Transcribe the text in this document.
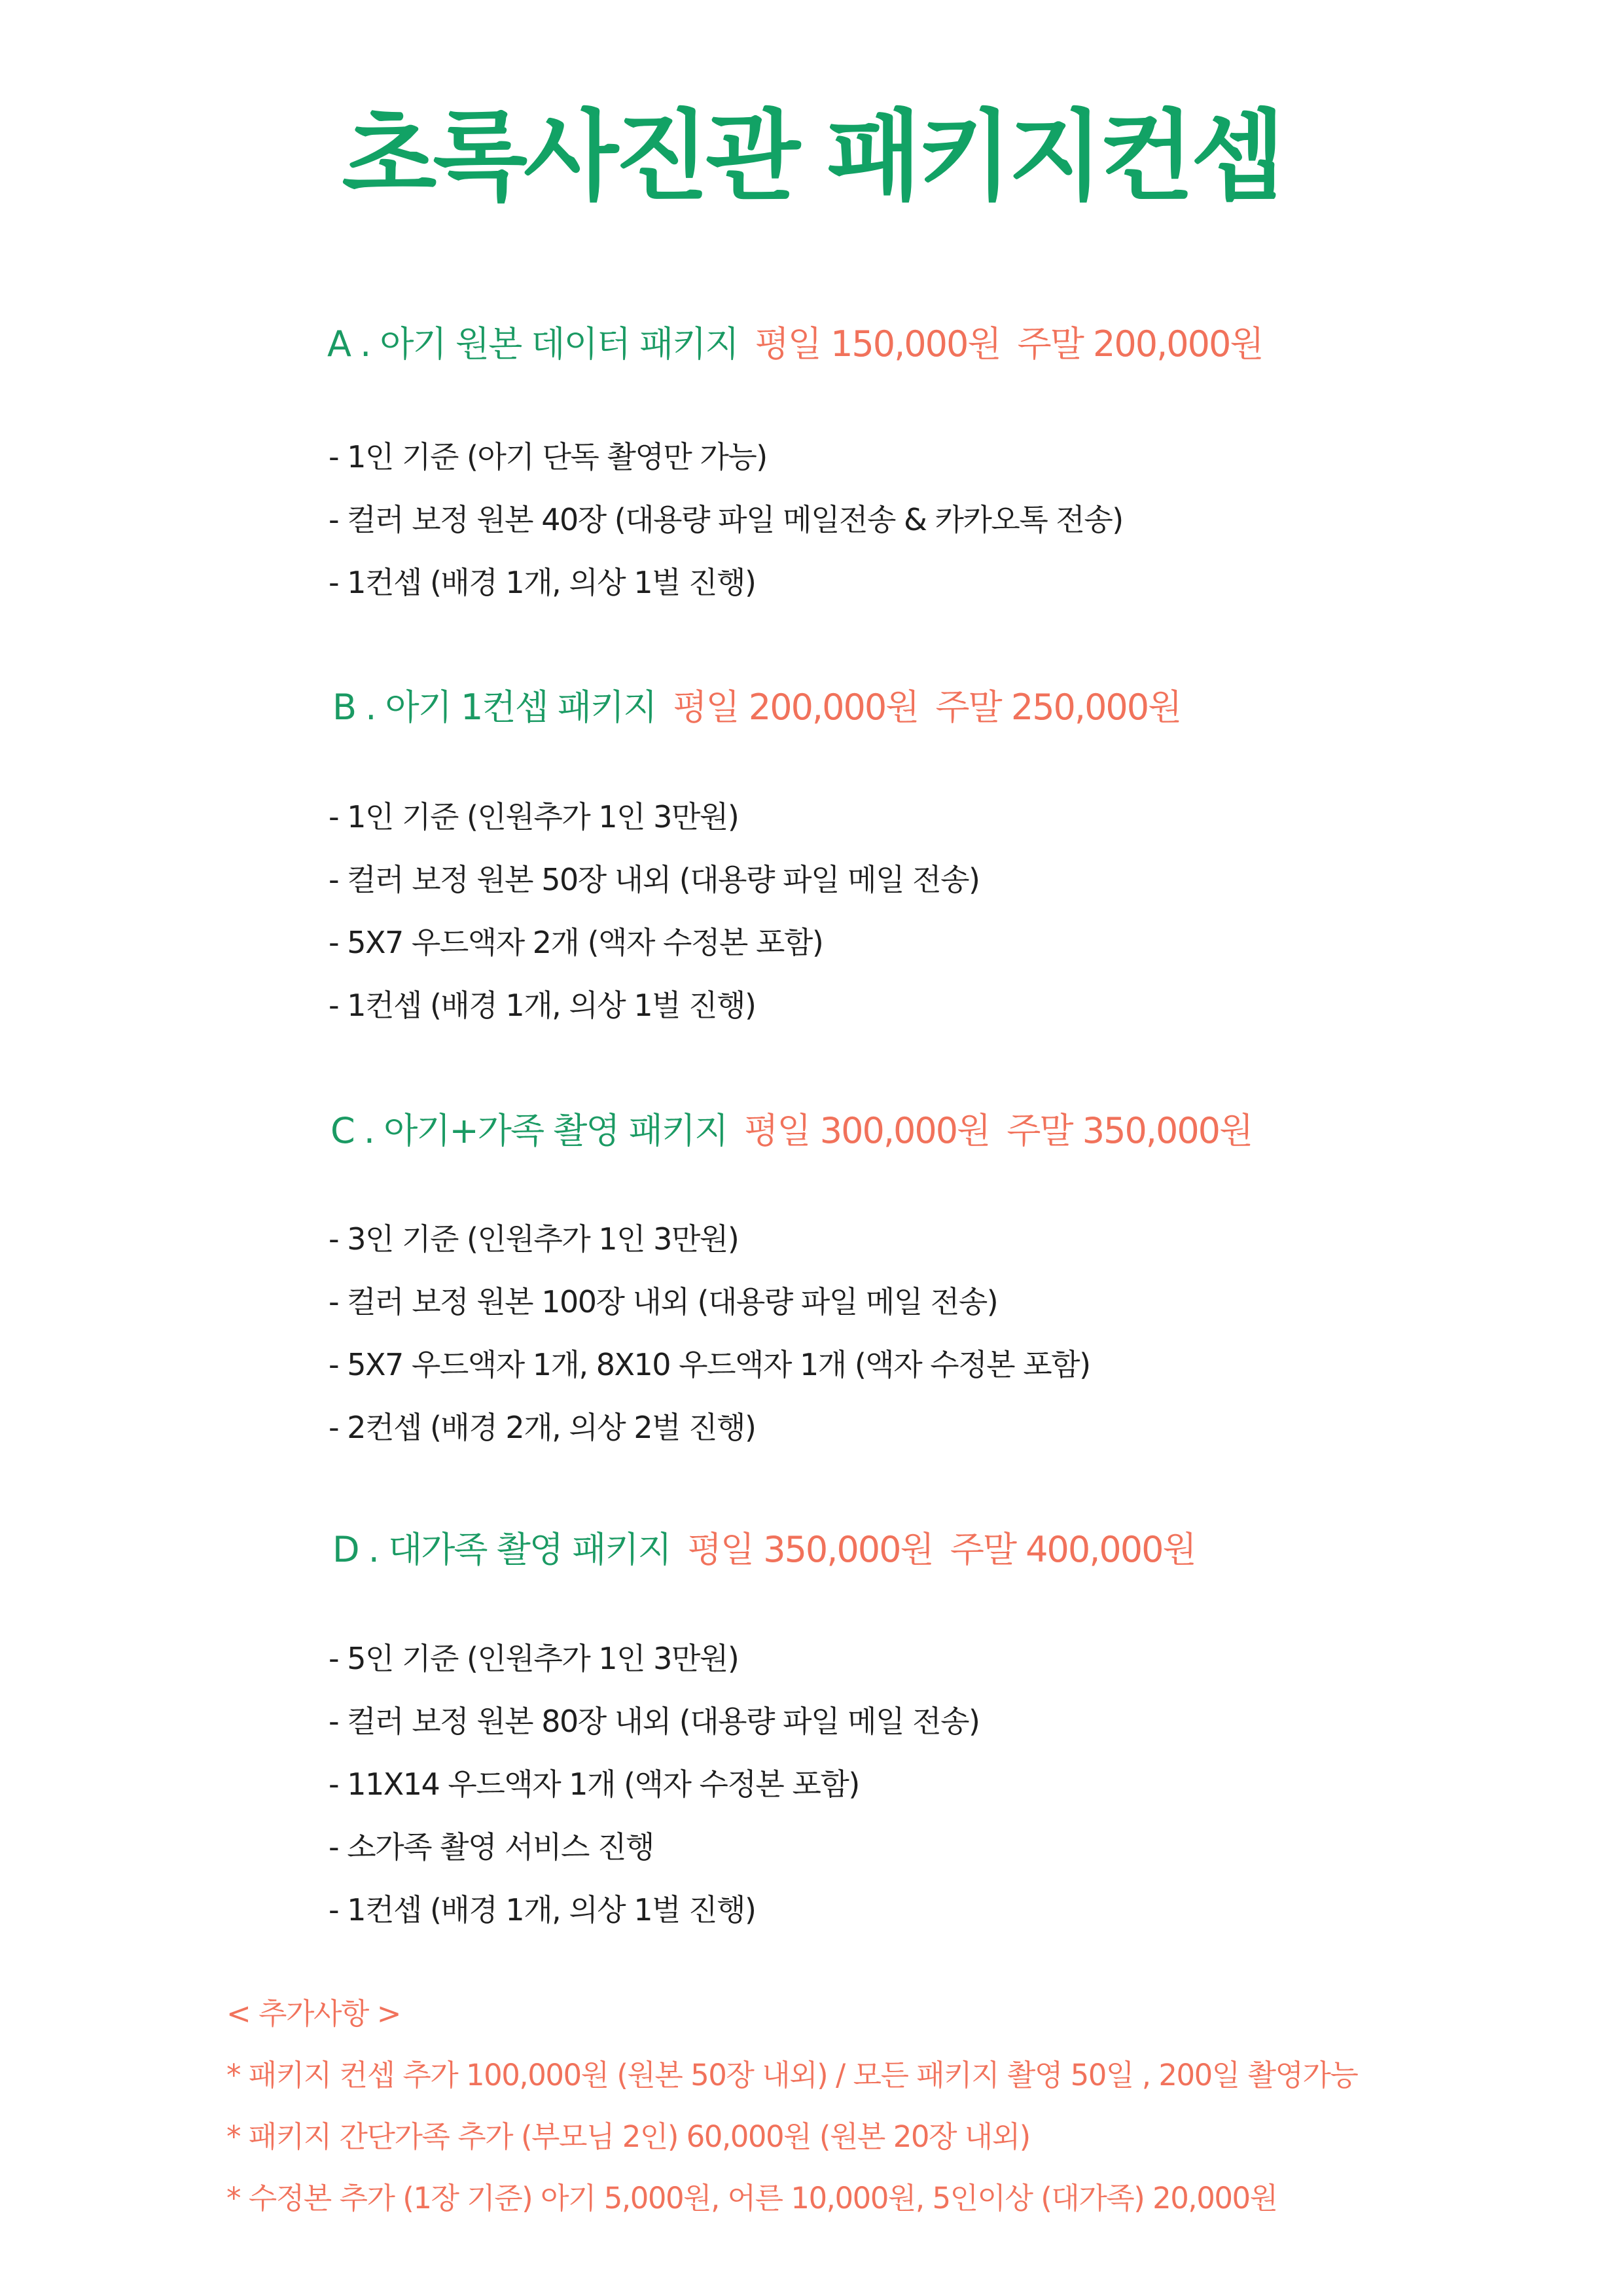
초록사진관 패키지컨셉
A . 아기 원본 데이터 패키지 평일 150,000원 주말 200,000원
- 1인 기준 (아기 단독 촬영만 가능)
- 컬러 보정 원본 40장 (대용량 파일 메일전송 & 카카오톡 전송)
- 1컨셉 (배경 1개, 의상 1벌 진행)
B . 아기 1컨셉 패키지 평일 200,000원 주말 250,000원
- 1인 기준 (인원추가 1인 3만원)
- 컬러 보정 원본 50장 내외 (대용량 파일 메일 전송)
- 5X7 우드액자 2개 (액자 수정본 포함)
- 1컨셉 (배경 1개, 의상 1벌 진행)
C . 아기+가족 촬영 패키지 평일 300,000원 주말 350,000원
- 3인 기준 (인원추가 1인 3만원)
- 컬러 보정 원본 100장 내외 (대용량 파일 메일 전송)
- 5X7 우드액자 1개, 8X10 우드액자 1개 (액자 수정본 포함)
- 2컨셉 (배경 2개, 의상 2벌 진행)
D . 대가족 촬영 패키지 평일 350,000원 주말 400,000원
- 5인 기준 (인원추가 1인 3만원)
- 컬러 보정 원본 80장 내외 (대용량 파일 메일 전송)
- 11X14 우드액자 1개 (액자 수정본 포함)
- 소가족 촬영 서비스 진행
- 1컨셉 (배경 1개, 의상 1벌 진행)
< 추가사항 >
* 패키지 컨셉 추가 100,000원 (원본 50장 내외) / 모든 패키지 촬영 50일 , 200일 촬영가능
* 패키지 간단가족 추가 (부모님 2인) 60,000원 (원본 20장 내외)
* 수정본 추가 (1장 기준) 아기 5,000원, 어른 10,000원, 5인이상 (대가족) 20,000원
